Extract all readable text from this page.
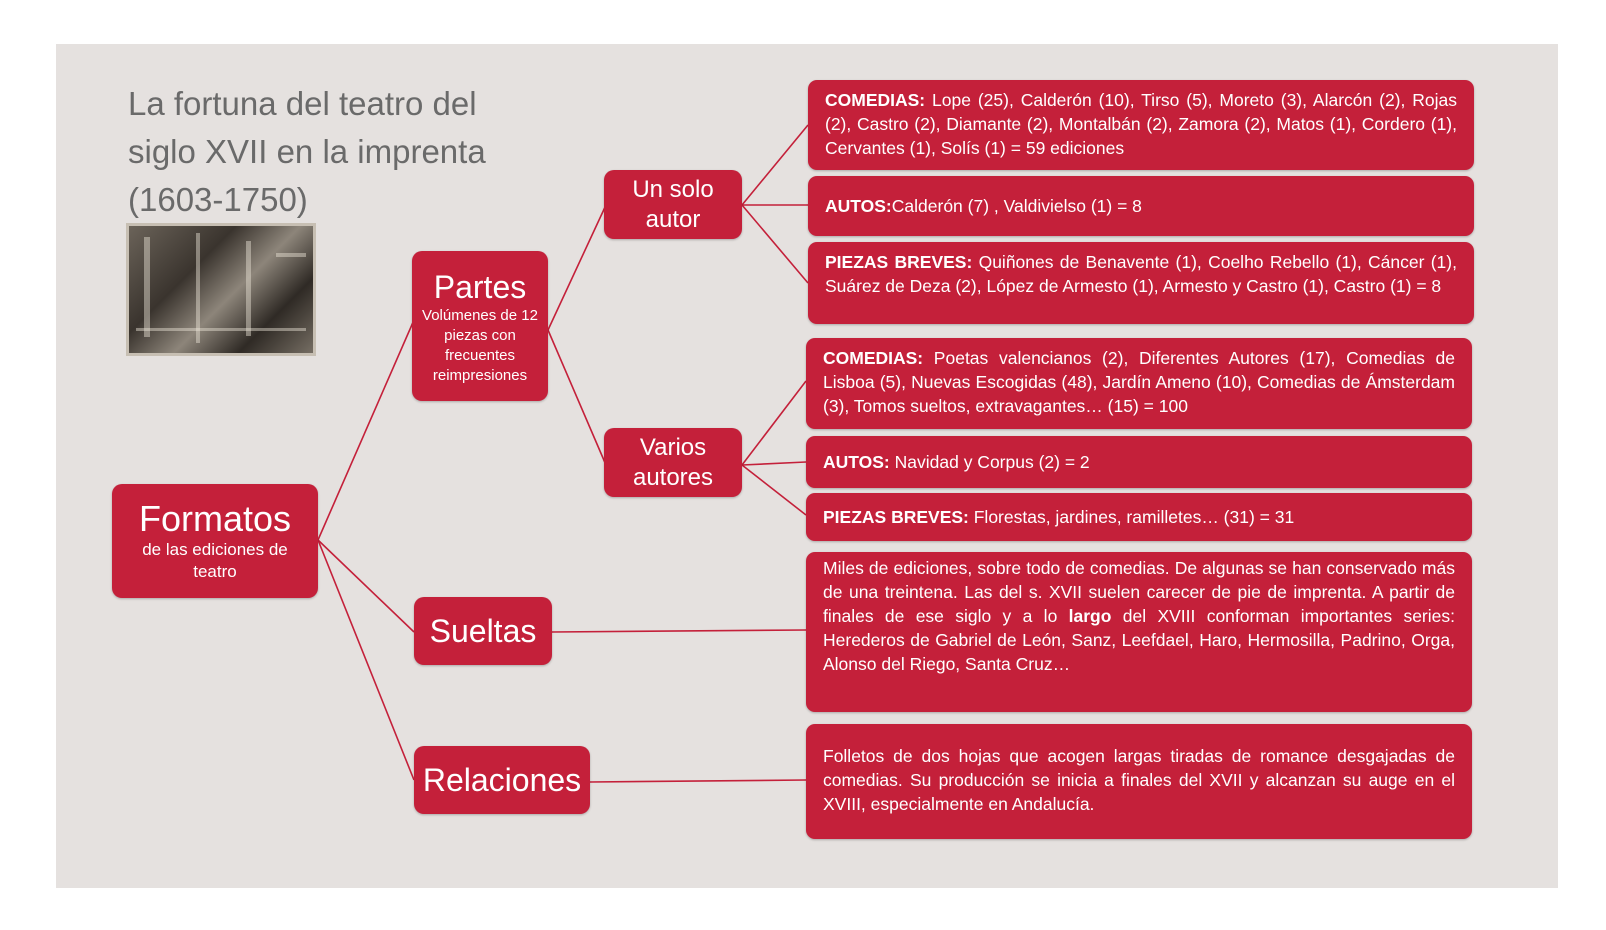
La fortuna del teatro del siglo XVII en la imprenta (1603-1750)
Formatos
de las ediciones de teatro
Partes
Volúmenes de 12 piezas con frecuentes reimpresiones
Un solo autor
Varios autores
Sueltas
Relaciones
COMEDIAS: Lope (25), Calderón (10), Tirso (5), Moreto (3), Alarcón (2), Rojas (2), Castro (2), Diamante (2), Montalbán (2), Zamora (2), Matos (1), Cordero (1), Cervantes (1), Solís (1) = 59 ediciones
AUTOS:Calderón (7) , Valdivielso (1) = 8
PIEZAS BREVES: Quiñones de Benavente (1), Coelho Rebello (1), Cáncer (1), Suárez de Deza (2), López de Armesto (1), Armesto y Castro (1), Castro (1) = 8
COMEDIAS: Poetas valencianos (2), Diferentes Autores (17), Comedias de Lisboa (5), Nuevas Escogidas (48), Jardín Ameno (10), Comedias de Ámsterdam (3), Tomos sueltos, extravagantes… (15) = 100
AUTOS: Navidad y Corpus (2) = 2
PIEZAS BREVES: Florestas, jardines, ramilletes… (31) = 31
Miles de ediciones, sobre todo de comedias. De algunas se han conservado más de una treintena. Las del s. XVII suelen carecer de pie de imprenta. A partir de finales de ese siglo y a lo largo del XVIII conforman importantes series: Herederos de Gabriel de León, Sanz, Leefdael, Haro, Hermosilla, Padrino, Orga, Alonso del Riego, Santa Cruz…
Folletos de dos hojas que acogen largas tiradas de romance desgajadas de comedias. Su producción se inicia a finales del XVII y alcanzan su auge en el XVIII, especialmente en Andalucía.
